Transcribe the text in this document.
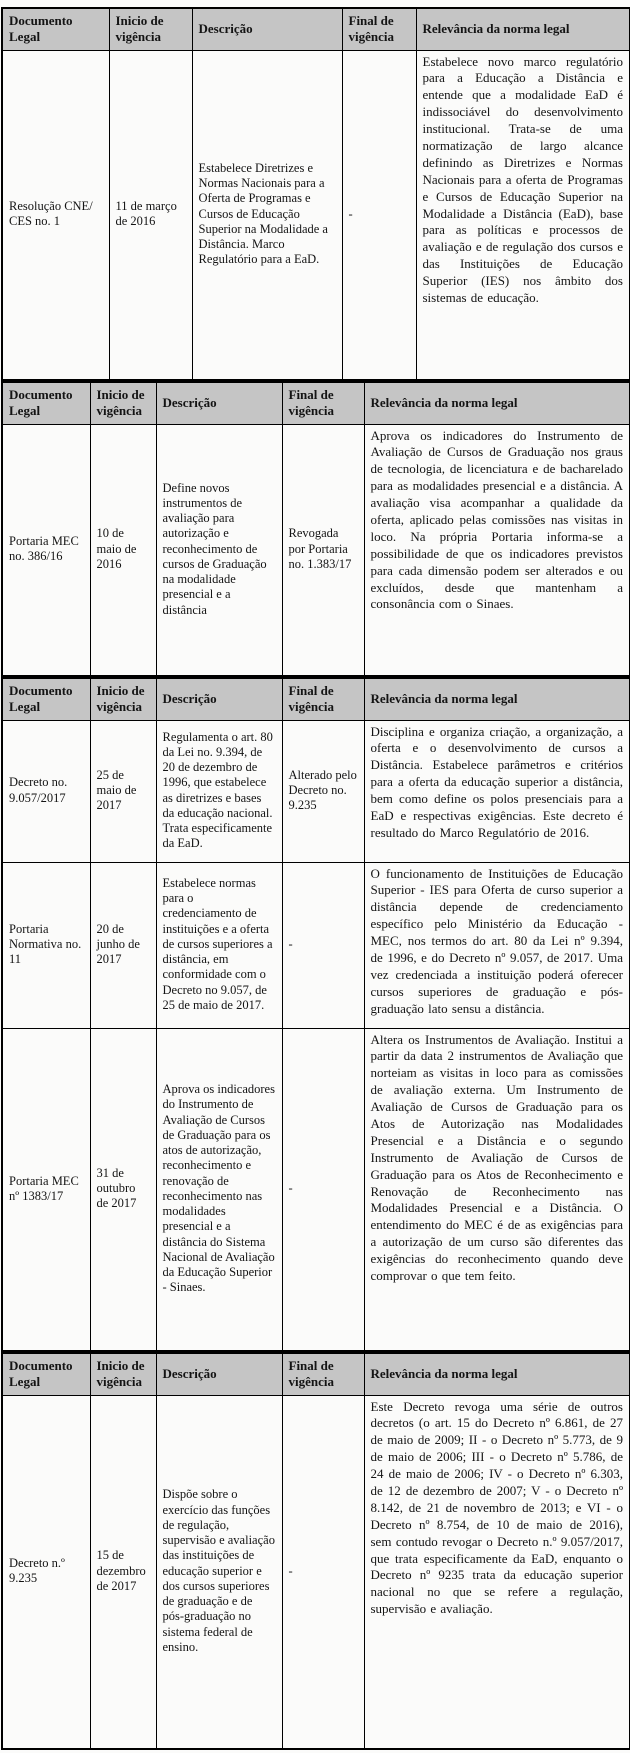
Documento Legal	Inicio de vigência	Descrição	Final de vigência	Relevância da norma legal
Resolução CNE/ CES no. 1	11 de março de 2016	Estabelece Diretrizes e Normas Nacionais para a Oferta de Programas e Cursos de Educação Superior na Modalidade a Distância. Marco Regulatório para a EaD.	-	Estabelece novo marco regulatório para a Educação a Distância e entende que a modalidade EaD é indissociável do desenvolvimento institucional. Trata-se de uma normatização de largo alcance definindo as Diretrizes e Normas Nacionais para a oferta de Programas e Cursos de Educação Superior na Modalidade a Distância (EaD), base para as políticas e processos de avaliação e de regulação dos cursos e das Instituições de Educação Superior (IES) nos âmbito dos sistemas de educação.
Documento Legal	Inicio de vigência	Descrição	Final de vigência	Relevância da norma legal
Portaria MEC no. 386/16	10 de maio de 2016	Define novos instrumentos de avaliação para autorização e reconhecimento de cursos de Graduação na modalidade presencial e a distância	Revogada por Portaria no. 1.383/17	Aprova os indicadores do Instrumento de Avaliação de Cursos de Graduação nos graus de tecnologia, de licenciatura e de bacharelado para as modalidades presencial e a distância. A avaliação visa acompanhar a qualidade da oferta, aplicado pelas comissões nas visitas in loco. Na própria Portaria informa-se a possibilidade de que os indicadores previstos para cada dimensão podem ser alterados e ou excluídos, desde que mantenham a consonância com o Sinaes.
Documento Legal	Inicio de vigência	Descrição	Final de vigência	Relevância da norma legal
Decreto no. 9.057/2017	25 de maio de 2017	Regulamenta o art. 80 da Lei no. 9.394, de 20 de dezembro de 1996, que estabelece as diretrizes e bases da educação nacional. Trata especificamente da EaD.	Alterado pelo Decreto no. 9.235	Disciplina e organiza criação, a organização, a oferta e o desenvolvimento de cursos a Distância. Estabelece parâmetros e critérios para a oferta da educação superior a distância, bem como define os polos presenciais para a EaD e respectivas exigências. Este decreto é resultado do Marco Regulatório de 2016.
Portaria Normativa no. 11	20 de junho de 2017	Estabelece normas para o credenciamento de instituições e a oferta de cursos superiores a distância, em conformidade com o Decreto no 9.057, de 25 de maio de 2017.	-	O funcionamento de Instituições de Educação Superior - IES para Oferta de curso superior a distância depende de credenciamento específico pelo Ministério da Educação - MEC, nos termos do art. 80 da Lei nº 9.394, de 1996, e do Decreto nº 9.057, de 2017. Uma vez credenciada a instituição poderá oferecer cursos superiores de graduação e pós-graduação lato sensu a distância.
Portaria MEC nº 1383/17	31 de outubro de 2017	Aprova os indicadores do Instrumento de Avaliação de Cursos de Graduação para os atos de autorização, reconhecimento e renovação de reconhecimento nas modalidades presencial e a distância do Sistema Nacional de Avaliação da Educação Superior - Sinaes.	-	Altera os Instrumentos de Avaliação. Institui a partir da data 2 instrumentos de Avaliação que norteiam as visitas in loco para as comissões de avaliação externa. Um Instrumento de Avaliação de Cursos de Graduação para os Atos de Autorização nas Modalidades Presencial e a Distância e o segundo Instrumento de Avaliação de Cursos de Graduação para os Atos de Reconhecimento e Renovação de Reconhecimento nas Modalidades Presencial e a Distância. O entendimento do MEC é de as exigências para a autorização de um curso são diferentes das exigências do reconhecimento quando deve comprovar o que tem feito.
Documento Legal	Inicio de vigência	Descrição	Final de vigência	Relevância da norma legal
Decreto n.º 9.235	15 de dezembro de 2017	Dispõe sobre o exercício das funções de regulação, supervisão e avaliação das instituições de educação superior e dos cursos superiores de graduação e de pós-graduação no sistema federal de ensino.	-	Este Decreto revoga uma série de outros decretos (o art. 15 do Decreto nº 6.861, de 27 de maio de 2009; II - o Decreto nº 5.773, de 9 de maio de 2006; III - o Decreto nº 5.786, de 24 de maio de 2006; IV - o Decreto nº 6.303, de 12 de dezembro de 2007; V - o Decreto nº 8.142, de 21 de novembro de 2013; e VI - o Decreto nº 8.754, de 10 de maio de 2016), sem contudo revogar o Decreto n.º 9.057/2017, que trata especificamente da EaD, enquanto o Decreto nº 9235 trata da educação superior nacional no que se refere a regulação, supervisão e avaliação.
